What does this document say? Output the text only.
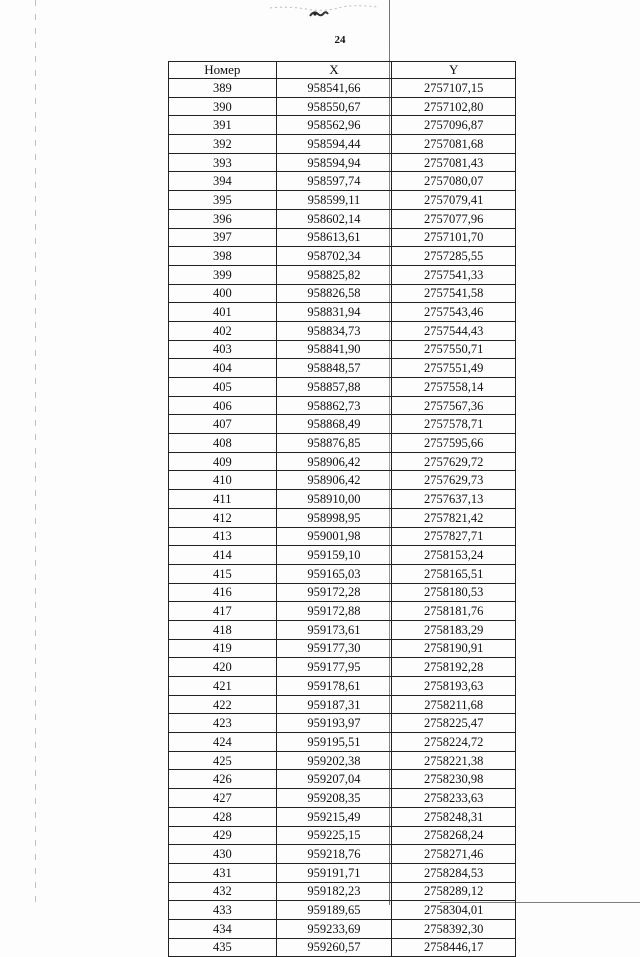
24
Номер	X	Y
389	958541,66	2757107,15
390	958550,67	2757102,80
391	958562,96	2757096,87
392	958594,44	2757081,68
393	958594,94	2757081,43
394	958597,74	2757080,07
395	958599,11	2757079,41
396	958602,14	2757077,96
397	958613,61	2757101,70
398	958702,34	2757285,55
399	958825,82	2757541,33
400	958826,58	2757541,58
401	958831,94	2757543,46
402	958834,73	2757544,43
403	958841,90	2757550,71
404	958848,57	2757551,49
405	958857,88	2757558,14
406	958862,73	2757567,36
407	958868,49	2757578,71
408	958876,85	2757595,66
409	958906,42	2757629,72
410	958906,42	2757629,73
411	958910,00	2757637,13
412	958998,95	2757821,42
413	959001,98	2757827,71
414	959159,10	2758153,24
415	959165,03	2758165,51
416	959172,28	2758180,53
417	959172,88	2758181,76
418	959173,61	2758183,29
419	959177,30	2758190,91
420	959177,95	2758192,28
421	959178,61	2758193,63
422	959187,31	2758211,68
423	959193,97	2758225,47
424	959195,51	2758224,72
425	959202,38	2758221,38
426	959207,04	2758230,98
427	959208,35	2758233,63
428	959215,49	2758248,31
429	959225,15	2758268,24
430	959218,76	2758271,46
431	959191,71	2758284,53
432	959182,23	2758289,12
433	959189,65	2758304,01
434	959233,69	2758392,30
435	959260,57	2758446,17
